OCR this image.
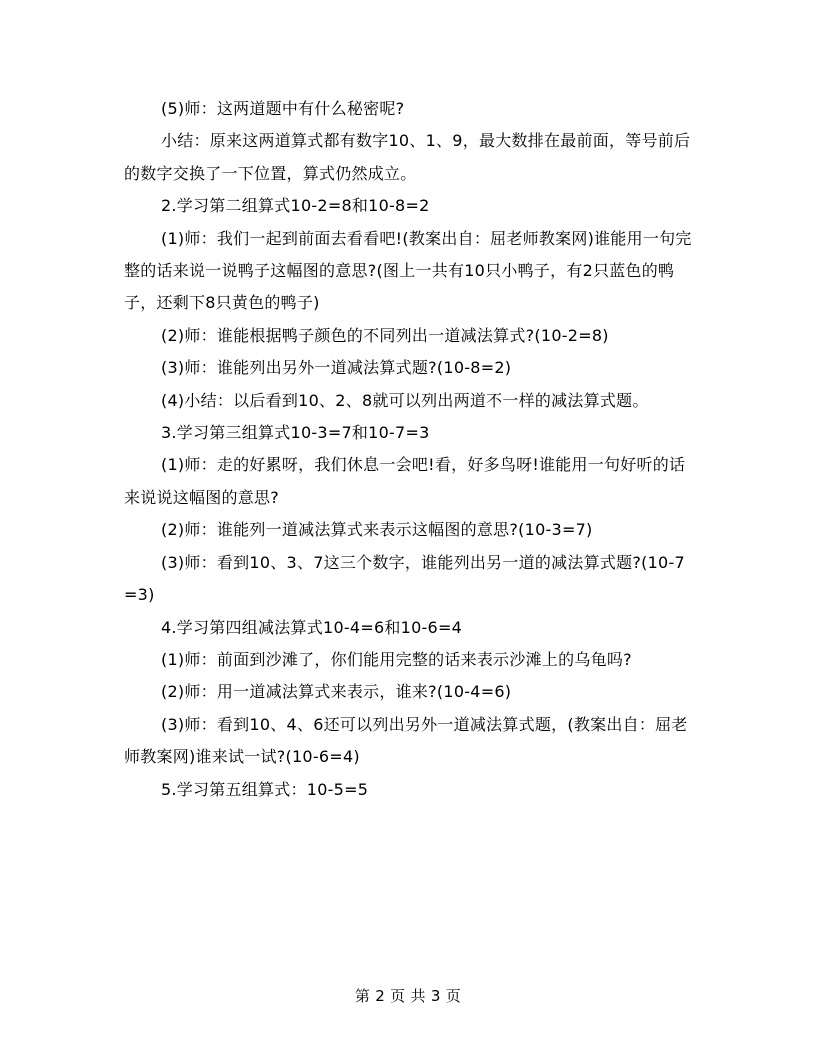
(5)师：这两道题中有什么秘密呢?

小结：原来这两道算式都有数字10、1、9，最大数排在最前面，等号前后的数字交换了一下位置，算式仍然成立。

2.学习第二组算式10-2=8和10-8=2

(1)师：我们一起到前面去看看吧!(教案出自：屈老师教案网)谁能用一句完整的话来说一说鸭子这幅图的意思?(图上一共有10只小鸭子，有2只蓝色的鸭子，还剩下8只黄色的鸭子)

(2)师：谁能根据鸭子颜色的不同列出一道减法算式?(10-2=8)

(3)师：谁能列出另外一道减法算式题?(10-8=2)

(4)小结：以后看到10、2、8就可以列出两道不一样的减法算式题。

3.学习第三组算式10-3=7和10-7=3

(1)师：走的好累呀，我们休息一会吧!看，好多鸟呀!谁能用一句好听的话来说说这幅图的意思?

(2)师：谁能列一道减法算式来表示这幅图的意思?(10-3=7)

(3)师：看到10、3、7这三个数字，谁能列出另一道的减法算式题?(10-7=3)

4.学习第四组减法算式10-4=6和10-6=4

(1)师：前面到沙滩了，你们能用完整的话来表示沙滩上的乌龟吗?

(2)师：用一道减法算式来表示，谁来?(10-4=6)

(3)师：看到10、4、6还可以列出另外一道减法算式题，(教案出自：屈老师教案网)谁来试一试?(10-6=4)

5.学习第五组算式：10-5=5

第 2 页 共 3 页
